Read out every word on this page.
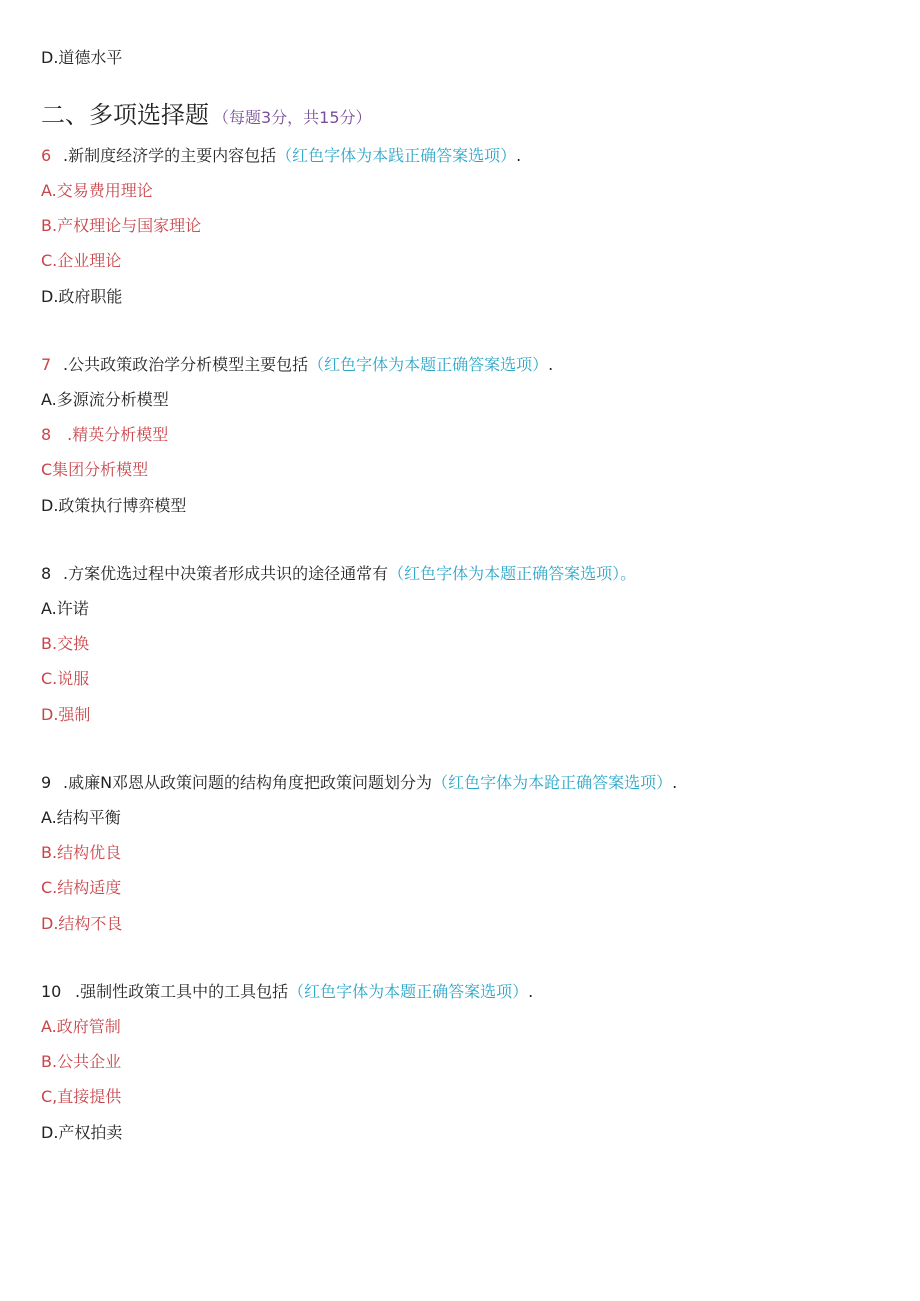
D.道德水平
二、多项选择题 （每题3分，共15分）
6 .新制度经济学的主要内容包括（红色字体为本践正确答案选项）.
A.交易费用理论
B.产权理论与国家理论
C.企业理论
D.政府职能
7 .公共政策政治学分析模型主要包括（红色字体为本题正确答案选项）.
A.多源流分析模型
8　.精英分析模型
C集团分析模型
D.政策执行博弈模型
8 .方案优选过程中决策者形成共识的途径通常有（红色字体为本题正确答案选项）。
A.许诺
B.交换
C.说服
D.强制
9 .戚廉N邓恩从政策问题的结构角度把政策问题划分为（红色字体为本跄正确答案选项）.
A.结构平衡
B.结构优良
C.结构适度
D.结构不良
10 .强制性政策工具中的工具包括（红色字体为本题正确答案选项）.
A.政府管制
B.公共企业
C,直接提供
D.产权拍卖
